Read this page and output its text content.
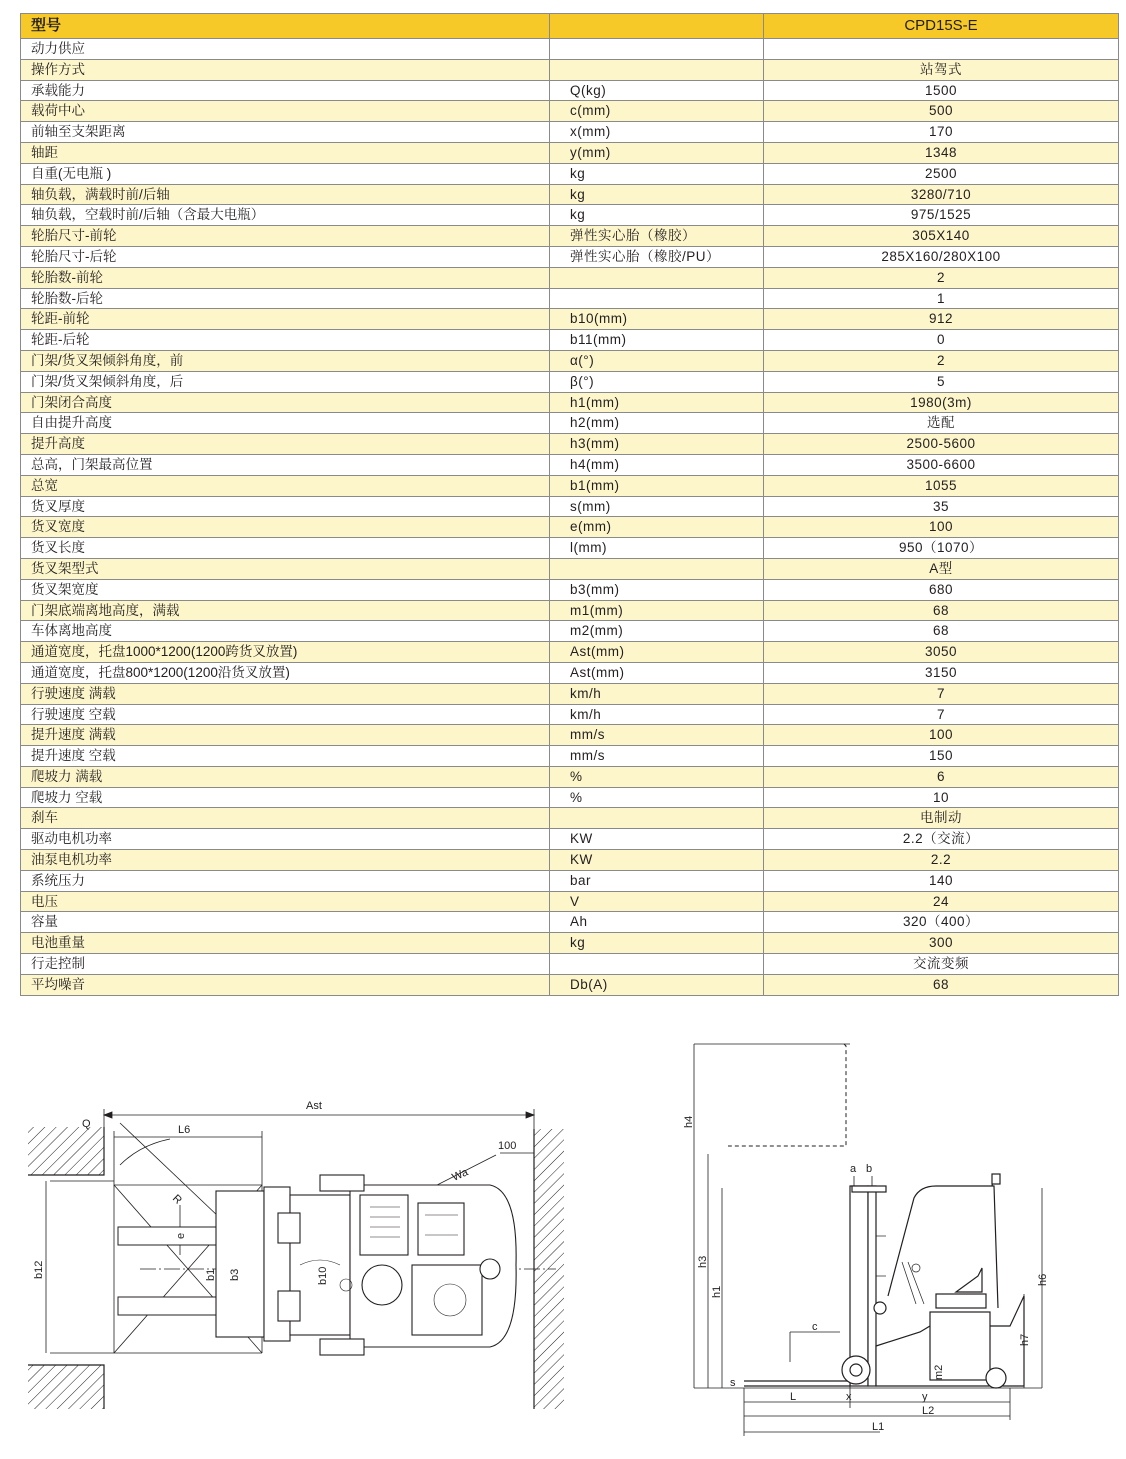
型号		CPD15S-E
动力供应		
操作方式		站驾式
承载能力	Q(kg)	1500
载荷中心	c(mm)	500
前轴至支架距离	x(mm)	170
轴距	y(mm)	1348
自重(无电瓶 )	kg	2500
轴负载，满载时前/后轴	kg	3280/710
轴负载，空载时前/后轴（含最大电瓶）	kg	975/1525
轮胎尺寸-前轮	弹性实心胎（橡胶）	305X140
轮胎尺寸-后轮	弹性实心胎（橡胶/PU）	285X160/280X100
轮胎数-前轮		2
轮胎数-后轮		1
轮距-前轮	b10(mm)	912
轮距-后轮	b11(mm)	0
门架/货叉架倾斜角度，前	α(°)	2
门架/货叉架倾斜角度，后	β(°)	5
门架闭合高度	h1(mm)	1980(3m)
自由提升高度	h2(mm)	选配
提升高度	h3(mm)	2500-5600
总高，门架最高位置	h4(mm)	3500-6600
总宽	b1(mm)	1055
货叉厚度	s(mm)	35
货叉宽度	e(mm)	100
货叉长度	l(mm)	950（1070）
货叉架型式		A型
货叉架宽度	b3(mm)	680
门架底端离地高度，满载	m1(mm)	68
车体离地高度	m2(mm)	68
通道宽度，托盘1000*1200(1200跨货叉放置)	Ast(mm)	3050
通道宽度，托盘800*1200(1200沿货叉放置)	Ast(mm)	3150
行驶速度 满载	km/h	7
行驶速度 空载	km/h	7
提升速度 满载	mm/s	100
提升速度 空载	mm/s	150
爬坡力 满载	%	6
爬坡力 空载	%	10
刹车		电制动
驱动电机功率	KW	2.2（交流）
油泵电机功率	KW	2.2
系统压力	bar	140
电压	V	24
容量	Ah	320（400）
电池重量	kg	300
行走控制		交流变频
平均噪音	Db(A)	68
Ast
Q	L6
100
Wa
R
e
b1 b3	b10
b12
h4
h3
h1
h6
h7
a b
c
s
m2
L	x	y
L2
L1
